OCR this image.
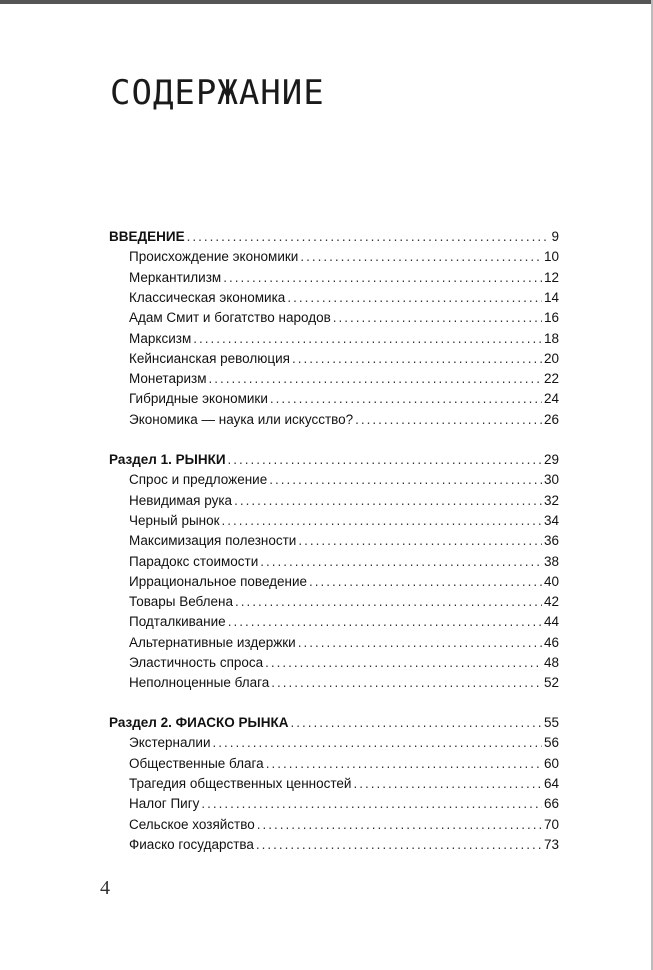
СОДЕРЖАНИЕ
ВВЕДЕНИЕ .....	9
Происхождение экономики .....	10
Меркантилизм .....	12
Классическая экономика .....	14
Адам Смит и богатство народов .....	16
Марксизм .....	18
Кейнсианская революция .....	20
Монетаризм .....	22
Гибридные экономики .....	24
Экономика — наука или искусство? .....	26
Раздел 1. РЫНКИ .....	29
Спрос и предложение .....	30
Невидимая рука .....	32
Черный рынок .....	34
Максимизация полезности .....	36
Парадокс стоимости .....	38
Иррациональное поведение .....	40
Товары Веблена .....	42
Подталкивание .....	44
Альтернативные издержки .....	46
Эластичность спроса .....	48
Неполноценные блага .....	52
Раздел 2. ФИАСКО РЫНКА .....	55
Экстерналии .....	56
Общественные блага .....	60
Трагедия общественных ценностей .....	64
Налог Пигу .....	66
Сельское хозяйство .....	70
Фиаско государства .....	73
4
